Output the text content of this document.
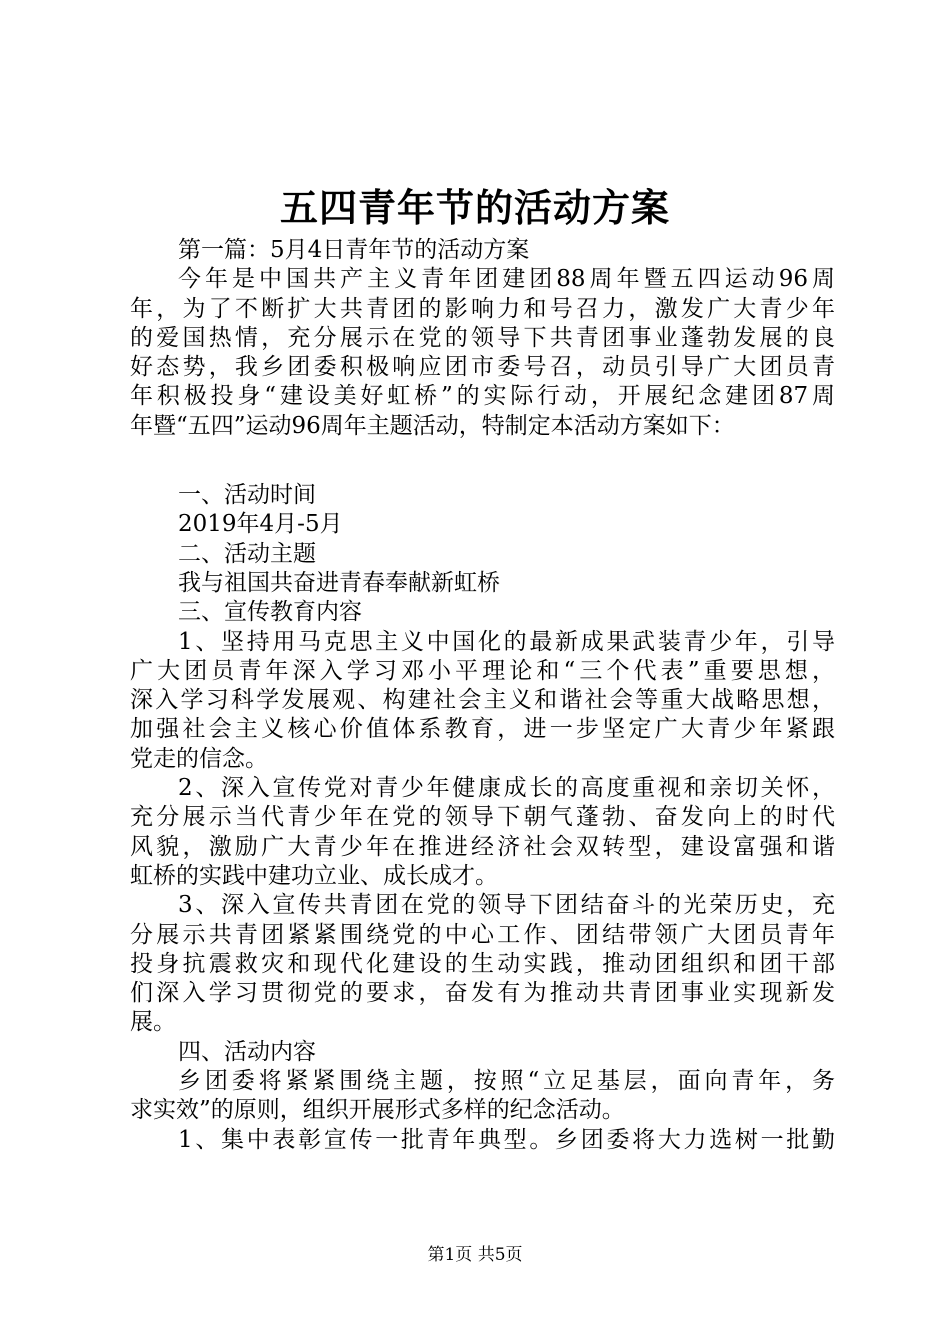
五四青年节的活动方案
第一篇：5月4日青年节的活动方案
今年是中国共产主义青年团建团88周年暨五四运动96周
年，为了不断扩大共青团的影响力和号召力，激发广大青少年
的爱国热情，充分展示在党的领导下共青团事业蓬勃发展的良
好态势，我乡团委积极响应团市委号召，动员引导广大团员青
年积极投身“建设美好虹桥”的实际行动，开展纪念建团87周
年暨“五四”运动96周年主题活动，特制定本活动方案如下：
一、活动时间
2019年4月-5月
二、活动主题
我与祖国共奋进青春奉献新虹桥
三、宣传教育内容
1、坚持用马克思主义中国化的最新成果武装青少年，引导
广大团员青年深入学习邓小平理论和“三个代表”重要思想，
深入学习科学发展观、构建社会主义和谐社会等重大战略思想，
加强社会主义核心价值体系教育，进一步坚定广大青少年紧跟
党走的信念。
2、深入宣传党对青少年健康成长的高度重视和亲切关怀，
充分展示当代青少年在党的领导下朝气蓬勃、奋发向上的时代
风貌，激励广大青少年在推进经济社会双转型，建设富强和谐
虹桥的实践中建功立业、成长成才。
3、深入宣传共青团在党的领导下团结奋斗的光荣历史，充
分展示共青团紧紧围绕党的中心工作、团结带领广大团员青年
投身抗震救灾和现代化建设的生动实践，推动团组织和团干部
们深入学习贯彻党的要求，奋发有为推动共青团事业实现新发
展。
四、活动内容
乡团委将紧紧围绕主题，按照“立足基层，面向青年，务
求实效”的原则，组织开展形式多样的纪念活动。
1、集中表彰宣传一批青年典型。乡团委将大力选树一批勤
第1页 共5页
